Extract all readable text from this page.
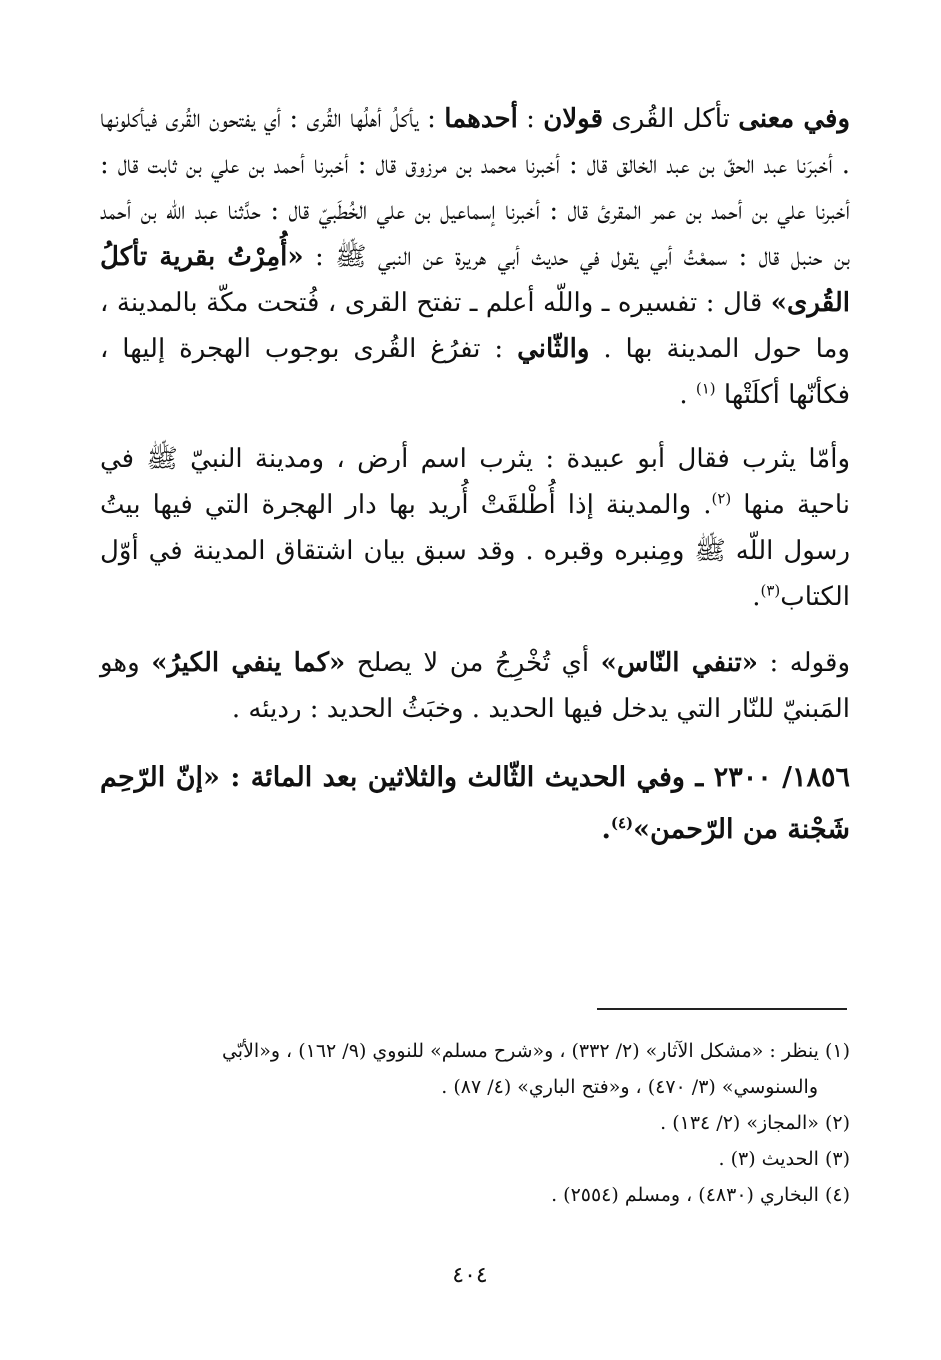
وفي معنى تأكل القُرى قولان : أحدهما : يأكلُ أهلُها القُرى : أي يفتحون القُرى فيأكلونها . أخبرَنا عبد الحقّ بن عبد الخالق قال : أخبرنا محمد بن مرزوق قال : أخبرنا أحمد بن علي بن ثابت قال : أخبرنا علي بن أحمد بن عمر المقرئ قال : أخبرنا إسماعيل بن علي الخُطَبيّ قال : حدَّثنا عبد اللّه بن أحمد بن حنبل قال : سمعْتُ أبي يقول في حديث أبي هريرة عن النبي ﷺ : «أُمِرْتُ بقرية تأكلُ القُرى» قال : تفسيره ـ واللّه أعلم ـ تفتح القرى ، فُتحت مكّة بالمدينة ، وما حول المدينة بها . والثّاني : تفرُغ القُرى بوجوب الهجرة إليها ، فكأنّها أكلَتْها $^{(١)}$ .

وأمّا يثرب فقال أبو عبيدة : يثرب اسم أرض ، ومدينة النبيّ ﷺ في ناحية منها $^{(٢)}$. والمدينة إذا أُطْلقَتْ أُريد بها دار الهجرة التي فيها بيتُ رسول اللّه ﷺ ومِنبره وقبره . وقد سبق بيان اشتقاق المدينة في أوّل الكتاب$^{(٣)}$.

وقوله : «تنفي النّاس» أي تُخْرِجُ من لا يصلح «كما ينفي الكيرُ» وهو المَبنيّ للنّار التي يدخل فيها الحديد . وخبَثُ الحديد : رديئه .

١٨٥٦/ ٢٣٠٠ ـ وفي الحديث الثّالث والثلاثين بعد المائة : «إنّ الرّحِم شَجْنة من الرّحمن»$^{(٤)}$.

(١) ينظر : «مشكل الآثار» (٢/ ٣٣٢) ، و«شرح مسلم» للنووي (٩/ ١٦٢) ، و«الأبّي

والسنوسي» (٣/ ٤٧٠) ، و«فتح الباري» (٤/ ٨٧) .

(٢) «المجاز» (٢/ ١٣٤) .

(٣) الحديث (٣) .

(٤) البخاري (٤٨٣٠) ، ومسلم (٢٥٥٤) .

٤٠٤
